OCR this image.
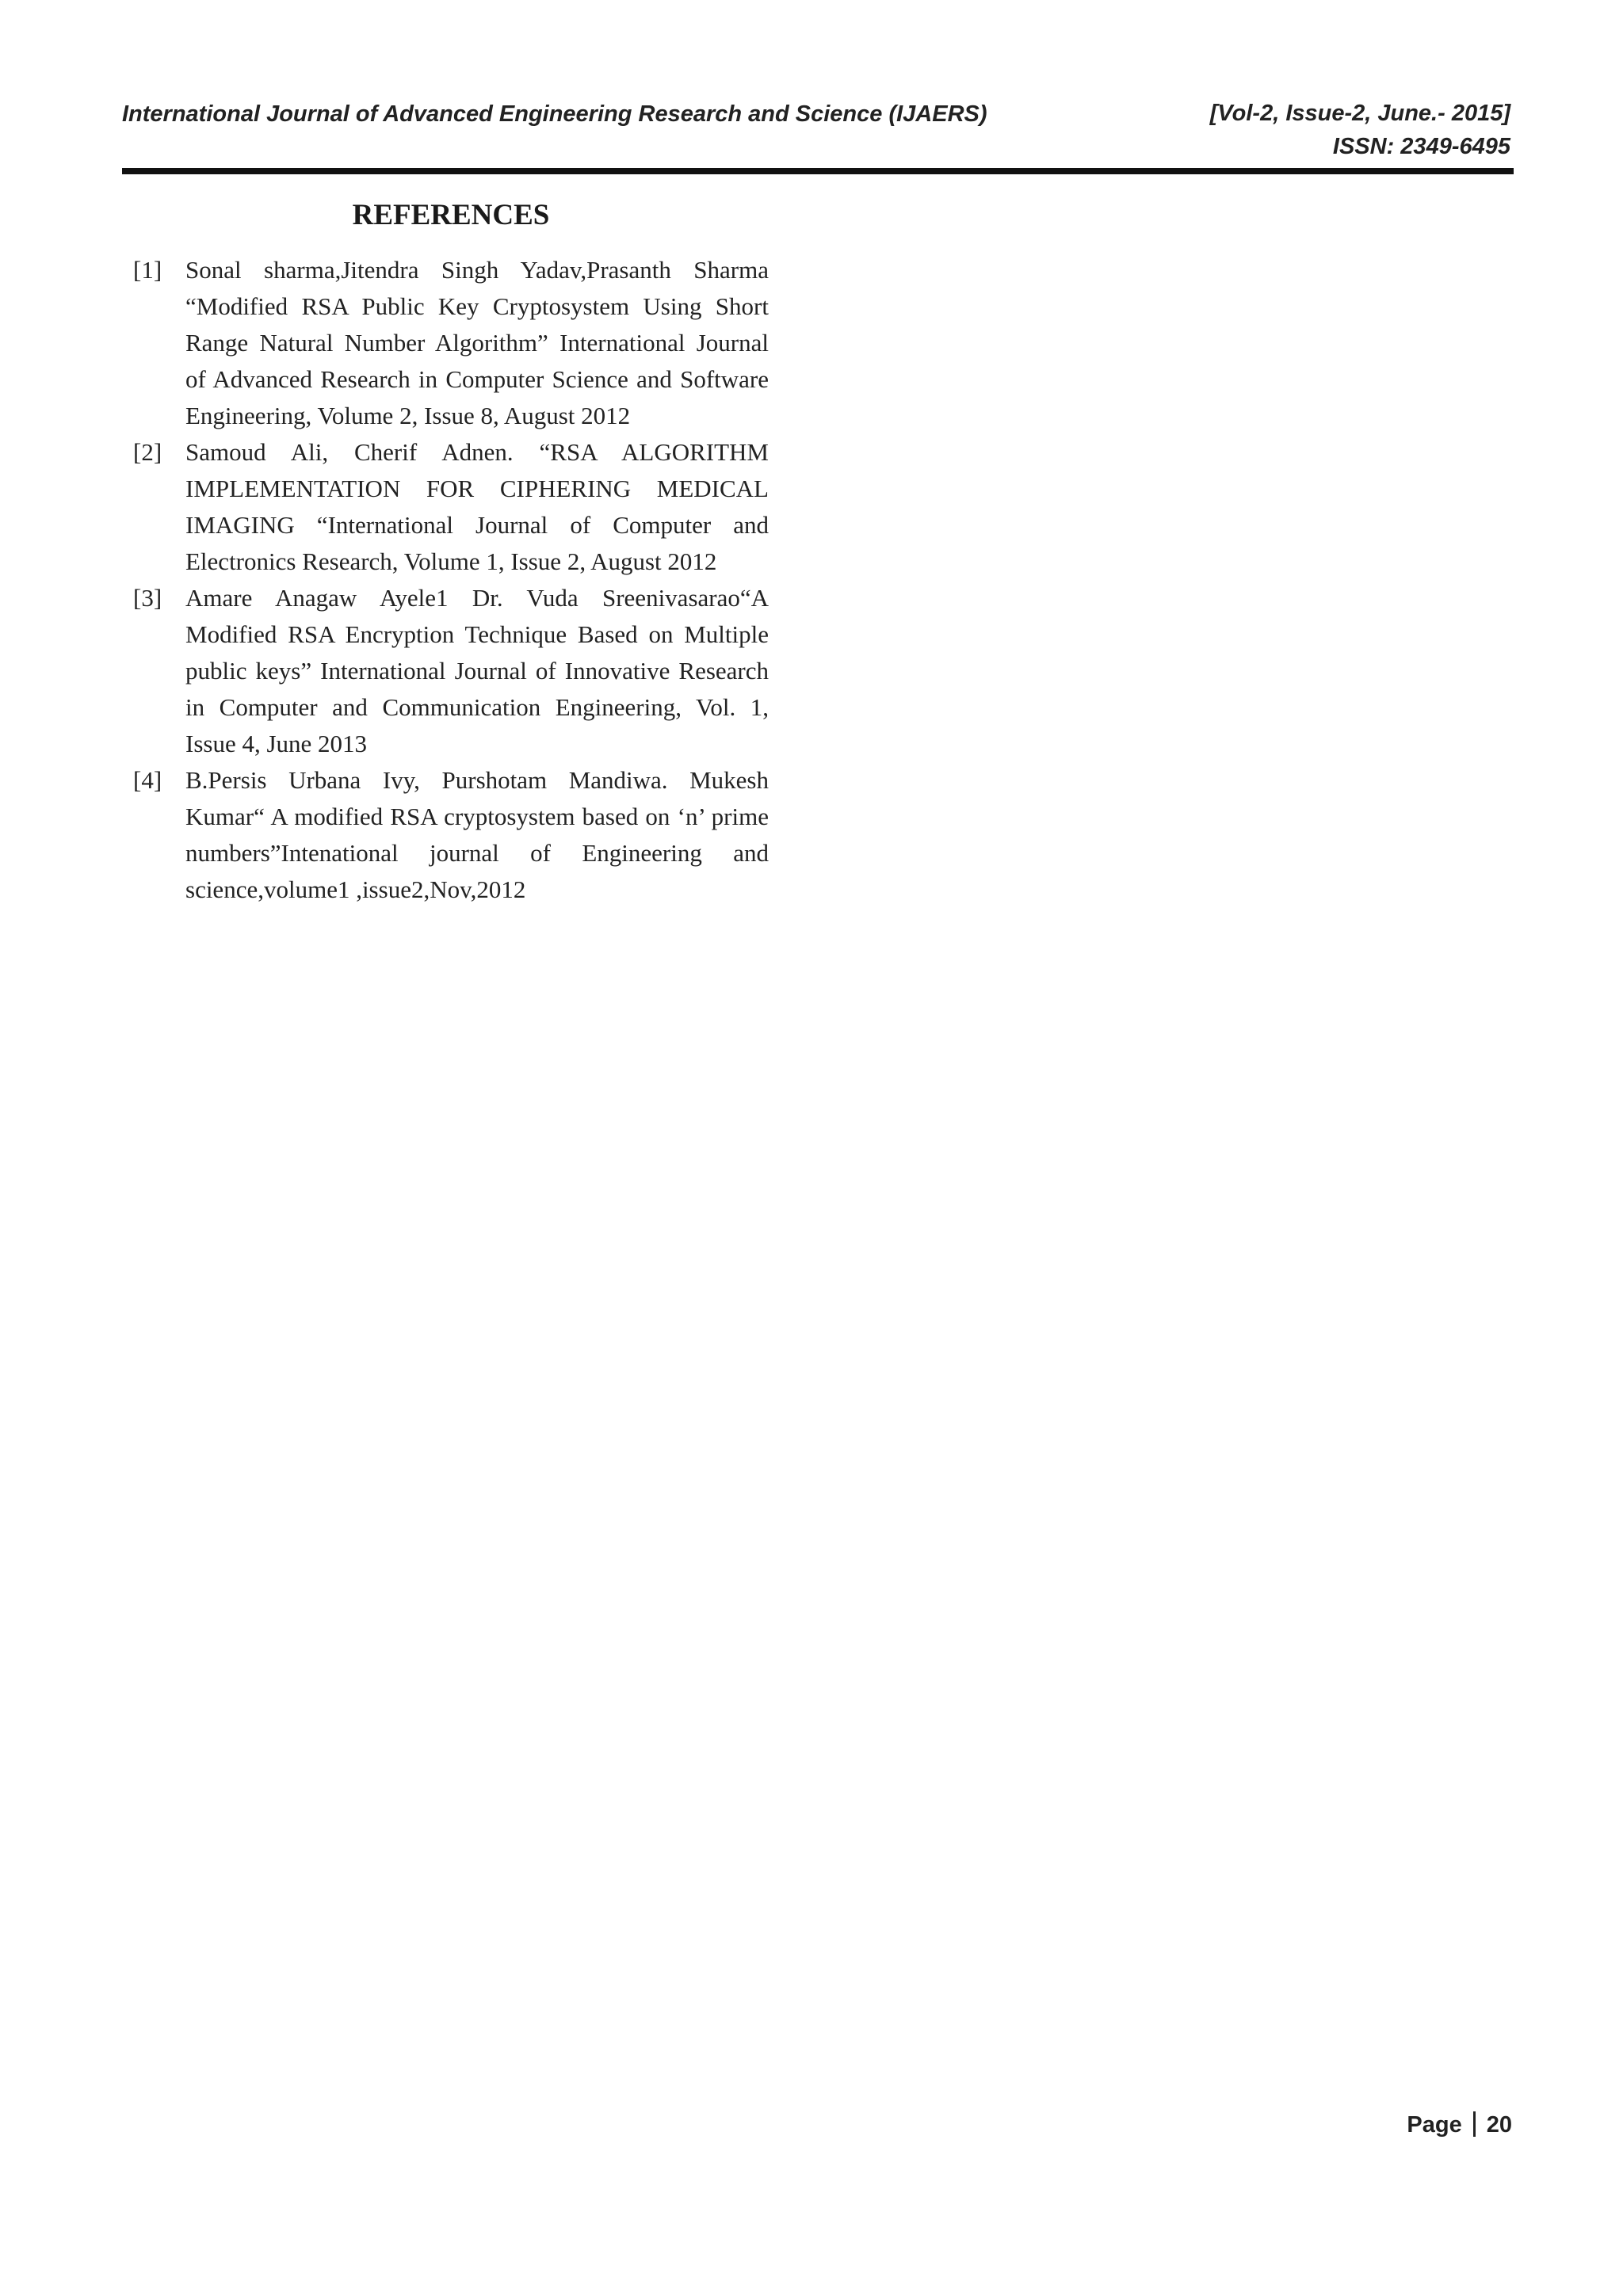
International Journal of Advanced Engineering Research and Science (IJAERS)	[Vol-2, Issue-2, June.- 2015]
ISSN: 2349-6495
REFERENCES
[1] Sonal sharma,Jitendra Singh Yadav,Prasanth Sharma “Modified RSA Public Key Cryptosystem Using Short Range Natural Number Algorithm” International Journal of Advanced Research in Computer Science and Software Engineering, Volume 2, Issue 8, August 2012
[2] Samoud Ali, Cherif Adnen. “RSA ALGORITHM IMPLEMENTATION FOR CIPHERING MEDICAL IMAGING “International Journal of Computer and Electronics Research, Volume 1, Issue 2, August 2012
[3] Amare Anagaw Ayele1 Dr. Vuda Sreenivasarao“A Modified RSA Encryption Technique Based on Multiple public keys” International Journal of Innovative Research in Computer and Communication Engineering, Vol. 1, Issue 4, June 2013
[4] B.Persis Urbana Ivy, Purshotam Mandiwa. Mukesh Kumar“ A modified RSA cryptosystem based on ‘n’ prime numbers”Intenational journal of Engineering and science,volume1 ,issue2,Nov,2012
Page 20
